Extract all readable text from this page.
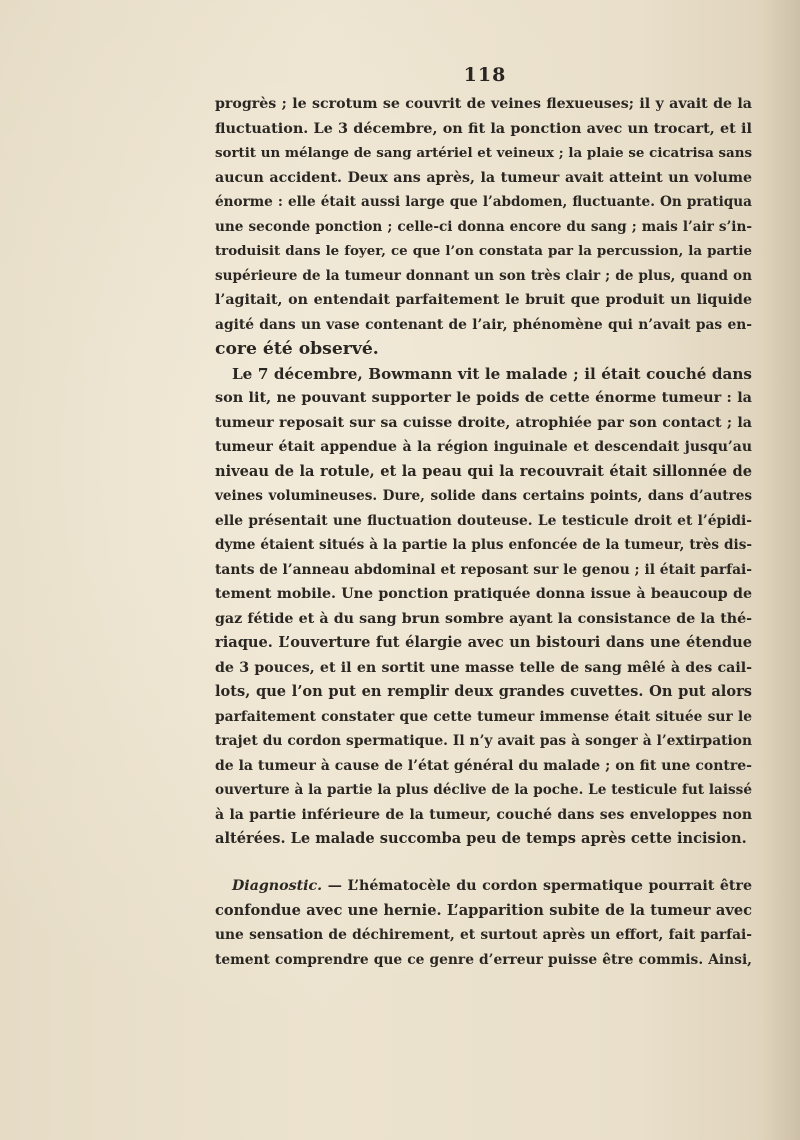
118
progrès ; le scrotum se couvrit de veines flexueuses; il y avait de la
fluctuation. Le 3 décembre, on fit la ponction avec un trocart, et il
sortit un mélange de sang artériel et veineux ; la plaie se cicatrisa sans
aucun accident. Deux ans après, la tumeur avait atteint un volume
énorme : elle était aussi large que l’abdomen, fluctuante. On pratiqua
une seconde ponction ; celle-ci donna encore du sang ; mais l’air s’in-
troduisit dans le foyer, ce que l’on constata par la percussion, la partie
supérieure de la tumeur donnant un son très clair ; de plus, quand on
l’agitait, on entendait parfaitement le bruit que produit un liquide
agité dans un vase contenant de l’air, phénomène qui n’avait pas en-
core été observé.
Le 7 décembre, Bowmann vit le malade ; il était couché dans
son lit, ne pouvant supporter le poids de cette énorme tumeur : la
tumeur reposait sur sa cuisse droite, atrophiée par son contact ; la
tumeur était appendue à la région inguinale et descendait jusqu’au
niveau de la rotule, et la peau qui la recouvrait était sillonnée de
veines volumineuses. Dure, solide dans certains points, dans d’autres
elle présentait une fluctuation douteuse. Le testicule droit et l’épidi-
dyme étaient situés à la partie la plus enfoncée de la tumeur, très dis-
tants de l’anneau abdominal et reposant sur le genou ; il était parfai-
tement mobile. Une ponction pratiquée donna issue à beaucoup de
gaz fétide et à du sang brun sombre ayant la consistance de la thé-
riaque. L’ouverture fut élargie avec un bistouri dans une étendue
de 3 pouces, et il en sortit une masse telle de sang mêlé à des cail-
lots, que l’on put en remplir deux grandes cuvettes. On put alors
parfaitement constater que cette tumeur immense était située sur le
trajet du cordon spermatique. Il n’y avait pas à songer à l’extirpation
de la tumeur à cause de l’état général du malade ; on fit une contre-
ouverture à la partie la plus déclive de la poche. Le testicule fut laissé
à la partie inférieure de la tumeur, couché dans ses enveloppes non
altérées. Le malade succomba peu de temps après cette incision.
Diagnostic. — L’hématocèle du cordon spermatique pourrait être
confondue avec une hernie. L’apparition subite de la tumeur avec
une sensation de déchirement, et surtout après un effort, fait parfai-
tement comprendre que ce genre d’erreur puisse être commis. Ainsi,
